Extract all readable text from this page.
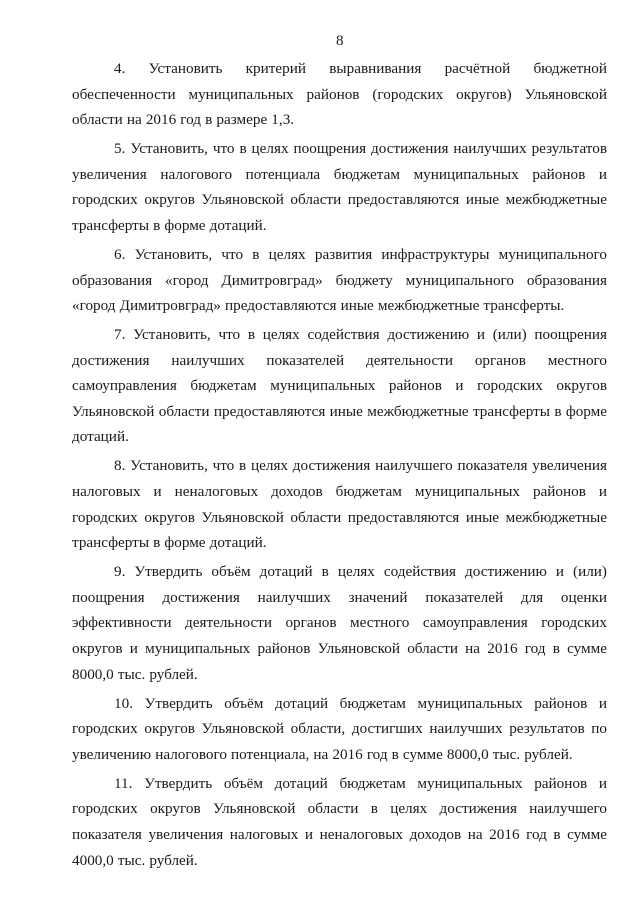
8

4. Установить критерий выравнивания расчётной бюджетной обеспеченности муниципальных районов (городских округов) Ульяновской области на 2016 год в размере 1,3.

5. Установить, что в целях поощрения достижения наилучших результатов увеличения налогового потенциала бюджетам муниципальных районов и городских округов Ульяновской области предоставляются иные межбюджетные трансферты в форме дотаций.

6. Установить, что в целях развития инфраструктуры муниципального образования «город Димитровград» бюджету муниципального образования «город Димитровград» предоставляются иные межбюджетные трансферты.

7. Установить, что в целях содействия достижению и (или) поощрения достижения наилучших показателей деятельности органов местного самоуправления бюджетам муниципальных районов и городских округов Ульяновской области предоставляются иные межбюджетные трансферты в форме дотаций.

8. Установить, что в целях достижения наилучшего показателя увеличения налоговых и неналоговых доходов бюджетам муниципальных районов и городских округов Ульяновской области предоставляются иные межбюджетные трансферты в форме дотаций.

9. Утвердить объём дотаций в целях содействия достижению и (или) поощрения достижения наилучших значений показателей для оценки эффективности деятельности органов местного самоуправления городских округов и муниципальных районов Ульяновской области на 2016 год в сумме 8000,0 тыс. рублей.

10. Утвердить объём дотаций бюджетам муниципальных районов и городских округов Ульяновской области, достигших наилучших результатов по увеличению налогового потенциала, на 2016 год в сумме 8000,0 тыс. рублей.

11. Утвердить объём дотаций бюджетам муниципальных районов и городских округов Ульяновской области в целях достижения наилучшего показателя увеличения налоговых и неналоговых доходов на 2016 год в сумме 4000,0 тыс. рублей.
